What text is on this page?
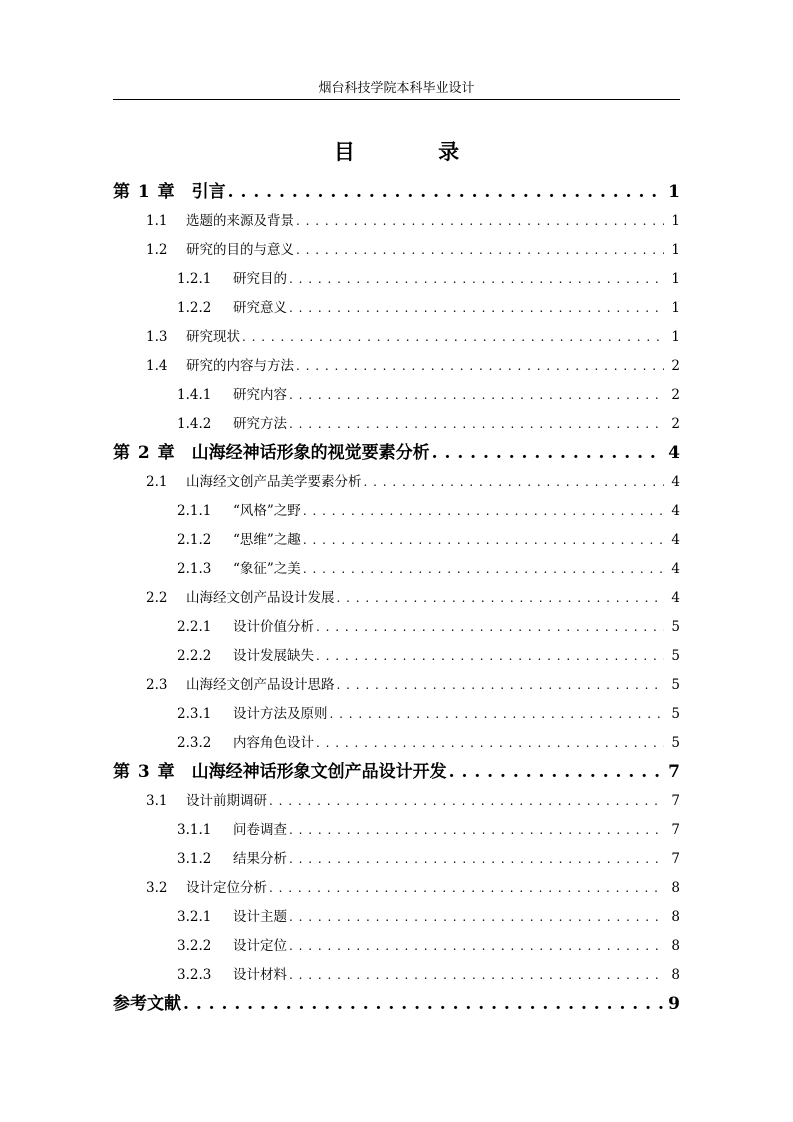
烟台科技学院本科毕业设计
目 录
第 1 章 引言 . . .	1
1.1	选题的来源及背景 . . .	1
1.2	研究的目的与意义 . . .	1
1.2.1	研究目的 . . .	1
1.2.2	研究意义 . . .	1
1.3	研究现状 . . .	1
1.4	研究的内容与方法 . . .	2
1.4.1	研究内容 . . .	2
1.4.2	研究方法 . . .	2
第 2 章 山海经神话形象的视觉要素分析 . . .	4
2.1	山海经文创产品美学要素分析 . . .	4
2.1.1	“风格”之野 . . .	4
2.1.2	“思维”之趣 . . .	4
2.1.3	“象征”之美 . . .	4
2.2	山海经文创产品设计发展 . . .	4
2.2.1	设计价值分析 . . .	5
2.2.2	设计发展缺失 . . .	5
2.3	山海经文创产品设计思路 . . .	5
2.3.1	设计方法及原则 . . .	5
2.3.2	内容角色设计 . . .	5
第 3 章 山海经神话形象文创产品设计开发 . . .	7
3.1	设计前期调研 . . .	7
3.1.1	问卷调查 . . .	7
3.1.2	结果分析 . . .	7
3.2	设计定位分析 . . .	8
3.2.1	设计主题 . . .	8
3.2.2	设计定位 . . .	8
3.2.3	设计材料 . . .	8
参考文献 . . .	9
